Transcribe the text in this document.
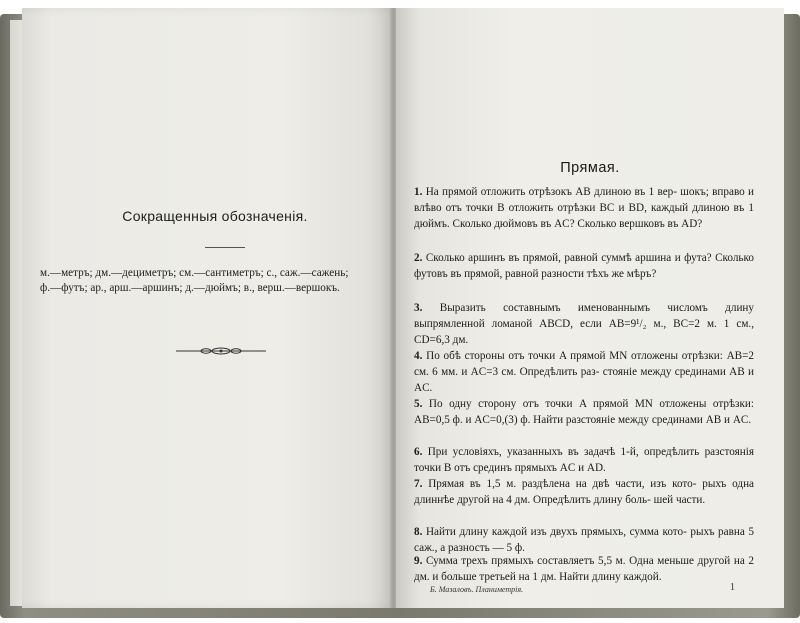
Сокращенныя обозначенія.
м.—метръ; дм.—дециметръ; см.—сантиметръ; с., саж.—сажень;
ф.—футъ; ар., арш.—аршинъ; д.—дюймъ; в., верш.—вершокъ.
Прямая.
1. На прямой отложить отрѣзокъ AB длиною въ 1 вер- шокъ; вправо и влѣво отъ точки B отложить отрѣзки BC и BD, каждый длиною въ 1 дюймъ. Сколько дюймовъ въ AC? Сколько вершковъ въ AD?
2. Сколько аршинъ въ прямой, равной суммѣ аршина и фута? Сколько футовъ въ прямой, равной разности тѣхъ же мѣръ?
3. Выразить составнымъ именованнымъ числомъ длину выпрямленной ломаной ABCD, если AB=9¹/₂ м., BC=2 м. 1 см., CD=6,3 дм.
4. По обѣ стороны отъ точки A прямой MN отложены отрѣзки: AB=2 см. 6 мм. и AC=3 см. Опредѣлить раз- стояніе между срединами AB и AC.
5. По одну сторону отъ точки A прямой MN отложены отрѣзки: AB=0,5 ф. и AC=0,(3) ф. Найти разстояніе между срединами AB и AC.
6. При условіяхъ, указанныхъ въ задачѣ 1-й, опредѣлить разстоянія точки B отъ срединъ прямыхъ AC и AD.
7. Прямая въ 1,5 м. раздѣлена на двѣ части, изъ кото- рыхъ одна длиннѣе другой на 4 дм. Опредѣлить длину боль- шей части.
8. Найти длину каждой изъ двухъ прямыхъ, сумма кото- рыхъ равна 5 саж., а разность — 5 ф.
9. Сумма трехъ прямыхъ составляетъ 5,5 м. Одна меньше другой на 2 дм. и больше третьей на 1 дм. Найти длину каждой.
Б. Мазаловъ. Планиметрія.	1
